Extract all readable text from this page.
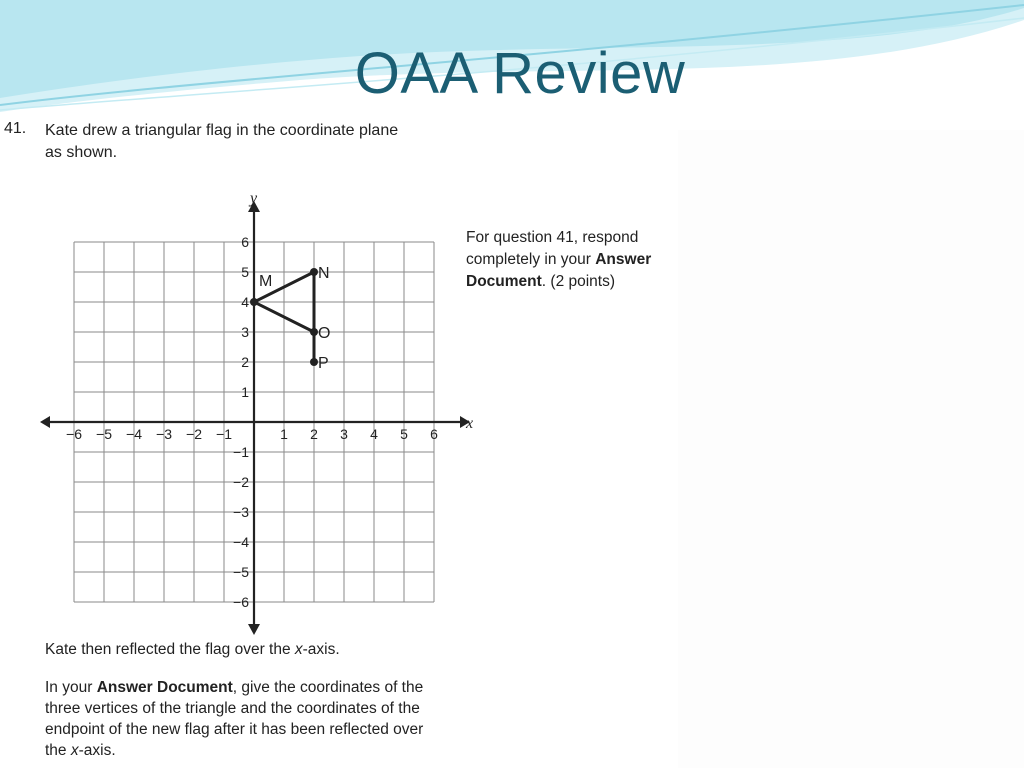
OAA Review
41. Kate drew a triangular flag in the coordinate plane as shown.
For question 41, respond completely in your Answer Document. (2 points)
x
y
−6 −5 −4 −3 −2 −1	1 2 3 4 5 6
6
5
4
3
2
1
−1
−2
−3
−4
−5
−6
M	N
O
P
Kate then reflected the flag over the x-axis.
In your Answer Document, give the coordinates of the three vertices of the triangle and the coordinates of the endpoint of the new flag after it has been reflected over the x-axis.
